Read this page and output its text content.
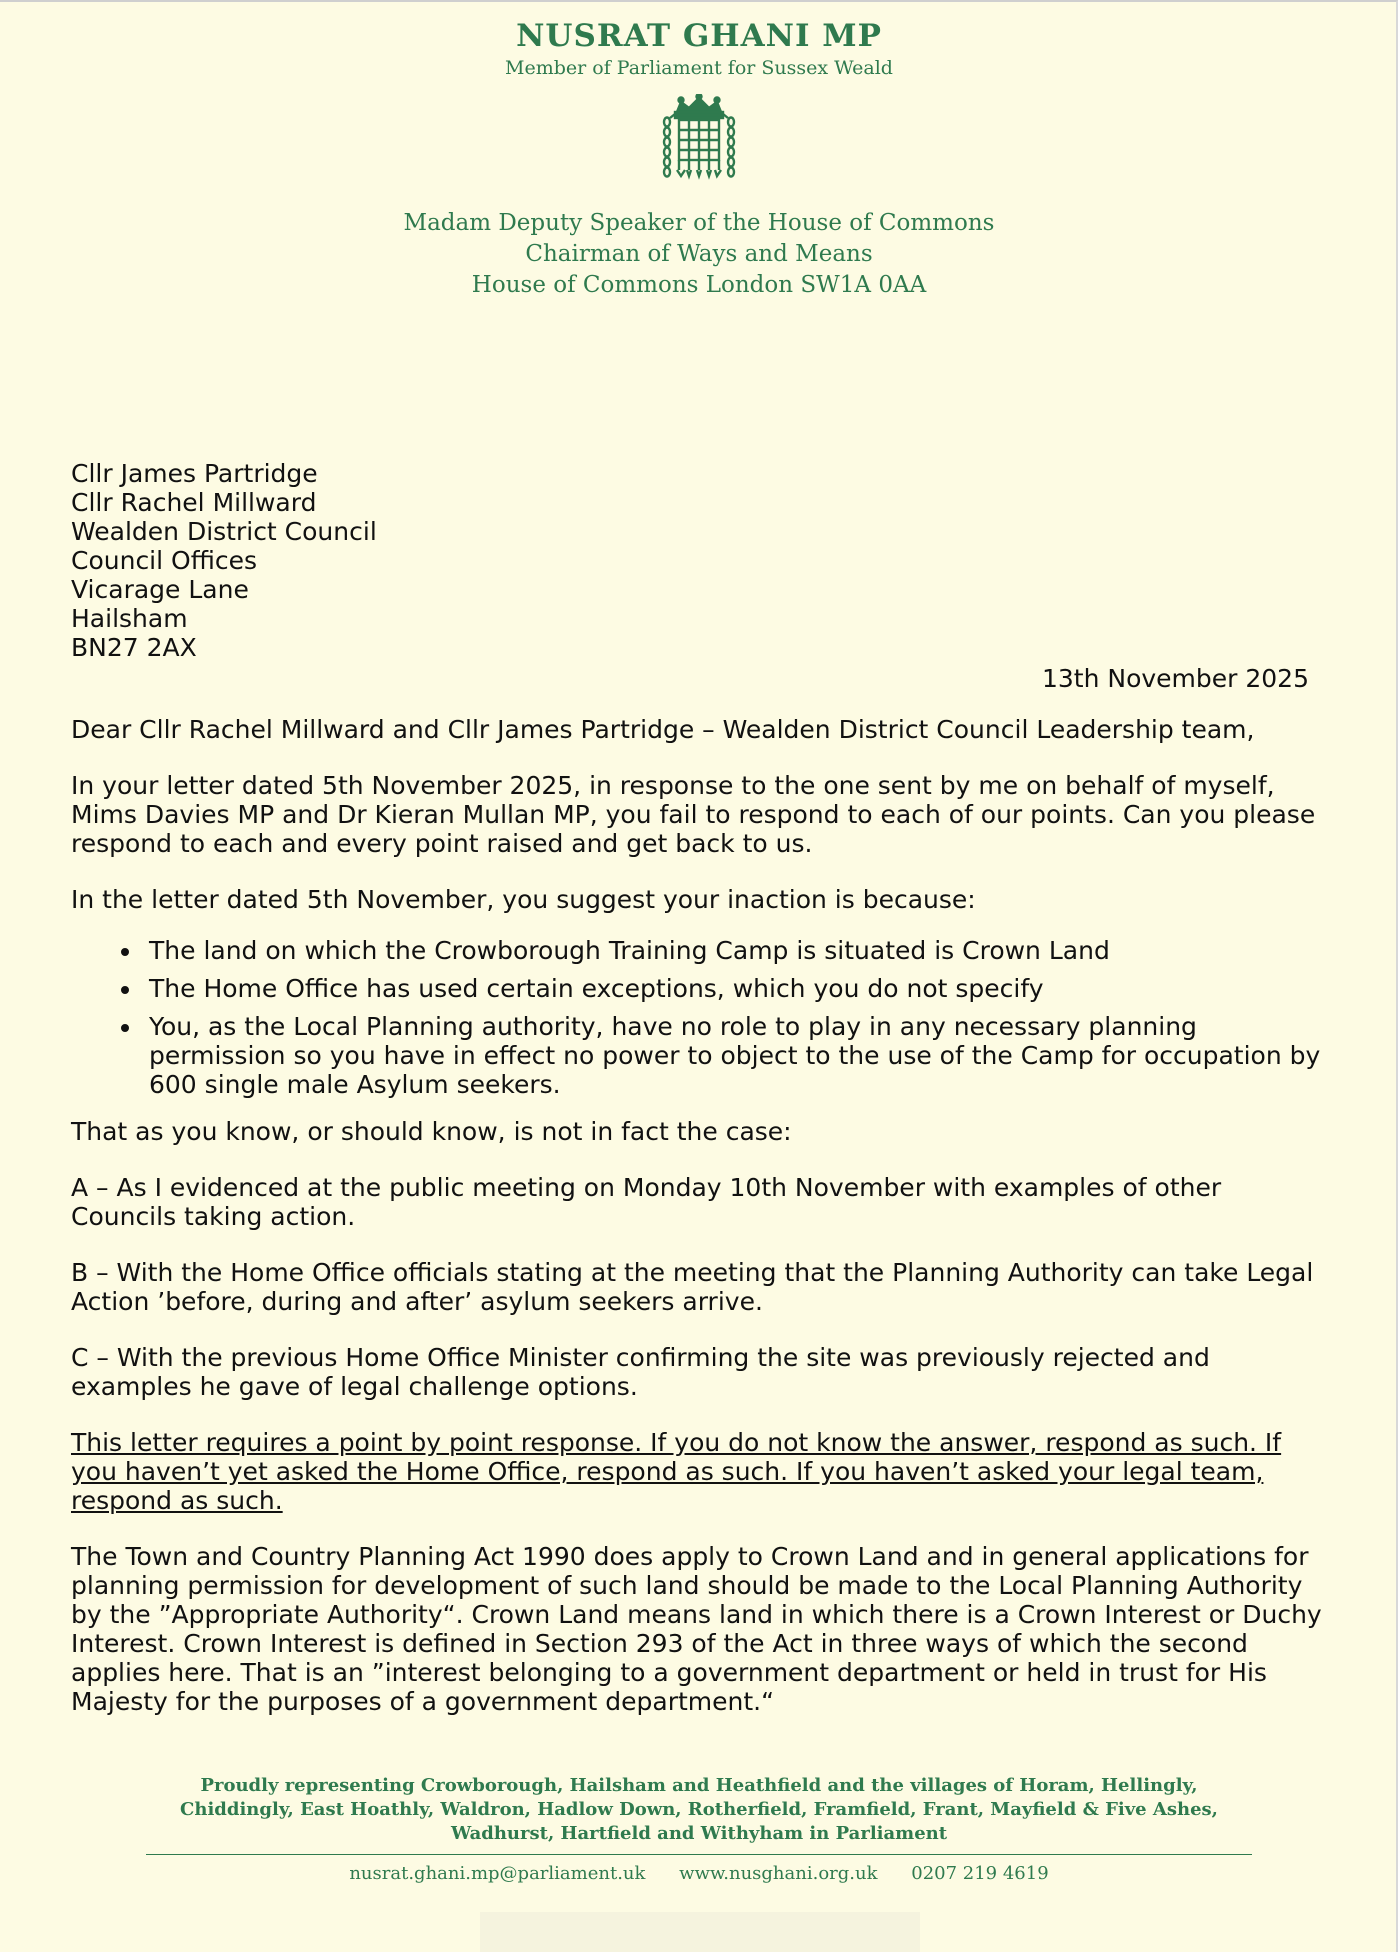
NUSRAT GHANI MP
Member of Parliament for Sussex Weald
Madam Deputy Speaker of the House of Commons
Chairman of Ways and Means
House of Commons London SW1A 0AA
Cllr James Partridge
Cllr Rachel Millward
Wealden District Council
Council Offices
Vicarage Lane
Hailsham
BN27 2AX
13th November 2025

Dear Cllr Rachel Millward and Cllr James Partridge – Wealden District Council Leadership team,

In your letter dated 5th November 2025, in response to the one sent by me on behalf of myself, Mims Davies MP and Dr Kieran Mullan MP, you fail to respond to each of our points. Can you please respond to each and every point raised and get back to us.

In the letter dated 5th November, you suggest your inaction is because:

• The land on which the Crowborough Training Camp is situated is Crown Land
• The Home Office has used certain exceptions, which you do not specify
• You, as the Local Planning authority, have no role to play in any necessary planning permission so you have in effect no power to object to the use of the Camp for occupation by 600 single male Asylum seekers.

That as you know, or should know, is not in fact the case:

A – As I evidenced at the public meeting on Monday 10th November with examples of other Councils taking action.

B – With the Home Office officials stating at the meeting that the Planning Authority can take Legal Action ’before, during and after’ asylum seekers arrive.

C – With the previous Home Office Minister confirming the site was previously rejected and examples he gave of legal challenge options.

This letter requires a point by point response. If you do not know the answer, respond as such. If you haven’t yet asked the Home Office, respond as such. If you haven’t asked your legal team, respond as such.

The Town and Country Planning Act 1990 does apply to Crown Land and in general applications for planning permission for development of such land should be made to the Local Planning Authority by the ”Appropriate Authority“. Crown Land means land in which there is a Crown Interest or Duchy Interest. Crown Interest is defined in Section 293 of the Act in three ways of which the second applies here. That is an ”interest belonging to a government department or held in trust for His Majesty for the purposes of a government department.“

Proudly representing Crowborough, Hailsham and Heathfield and the villages of Horam, Hellingly, Chiddingly, East Hoathly, Waldron, Hadlow Down, Rotherfield, Framfield, Frant, Mayfield & Five Ashes, Wadhurst, Hartfield and Withyham in Parliament
nusrat.ghani.mp@parliament.uk www.nusghani.org.uk 0207 219 4619
